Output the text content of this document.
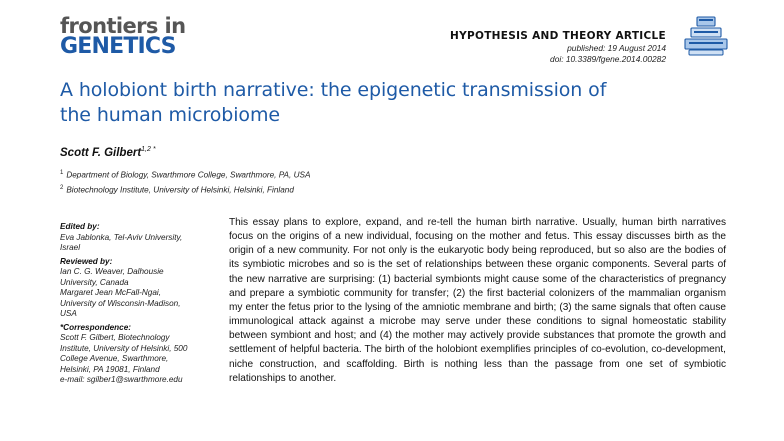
frontiers in
GENETICS	HYPOTHESIS AND THEORY ARTICLE
published: 19 August 2014
doi: 10.3389/fgene.2014.00282
A holobiont birth narrative: the epigenetic transmission of
the human microbiome
Scott F. Gilbert$^{1,2 *}$
$^1$ Department of Biology, Swarthmore College, Swarthmore, PA, USA
$^2$ Biotechnology Institute, University of Helsinki, Helsinki, Finland
Edited by:
Eva Jablonka, Tel-Aviv University,
Israel
Reviewed by:
Ian C. G. Weaver, Dalhousie
University, Canada
Margaret Jean McFall-Ngai,
University of Wisconsin-Madison,
USA
*Correspondence:
Scott F. Gilbert, Biotechnology
Institute, University of Helsinki, 500
College Avenue, Swarthmore,
Helsinki, PA 19081, Finland
e-mail: sgilber1@swarthmore.edu

This essay plans to explore, expand, and re-tell the human birth narrative. Usually, human birth narratives focus on the origins of a new individual, focusing on the mother and fetus. This essay discusses birth as the origin of a new community. For not only is the eukaryotic body being reproduced, but so also are the bodies of its symbiotic microbes and so is the set of relationships between these organic components. Several parts of the new narrative are surprising: (1) bacterial symbionts might cause some of the characteristics of pregnancy and prepare a symbiotic community for transfer; (2) the first bacterial colonizers of the mammalian organism my enter the fetus prior to the lysing of the amniotic membrane and birth; (3) the same signals that often cause immunological attack against a microbe may serve under these conditions to signal homeostatic stability between symbiont and host; and (4) the mother may actively provide substances that promote the growth and settlement of helpful bacteria. The birth of the holobiont exemplifies principles of co-evolution, co-development, niche construction, and scaffolding. Birth is nothing less than the passage from one set of symbiotic relationships to another.
